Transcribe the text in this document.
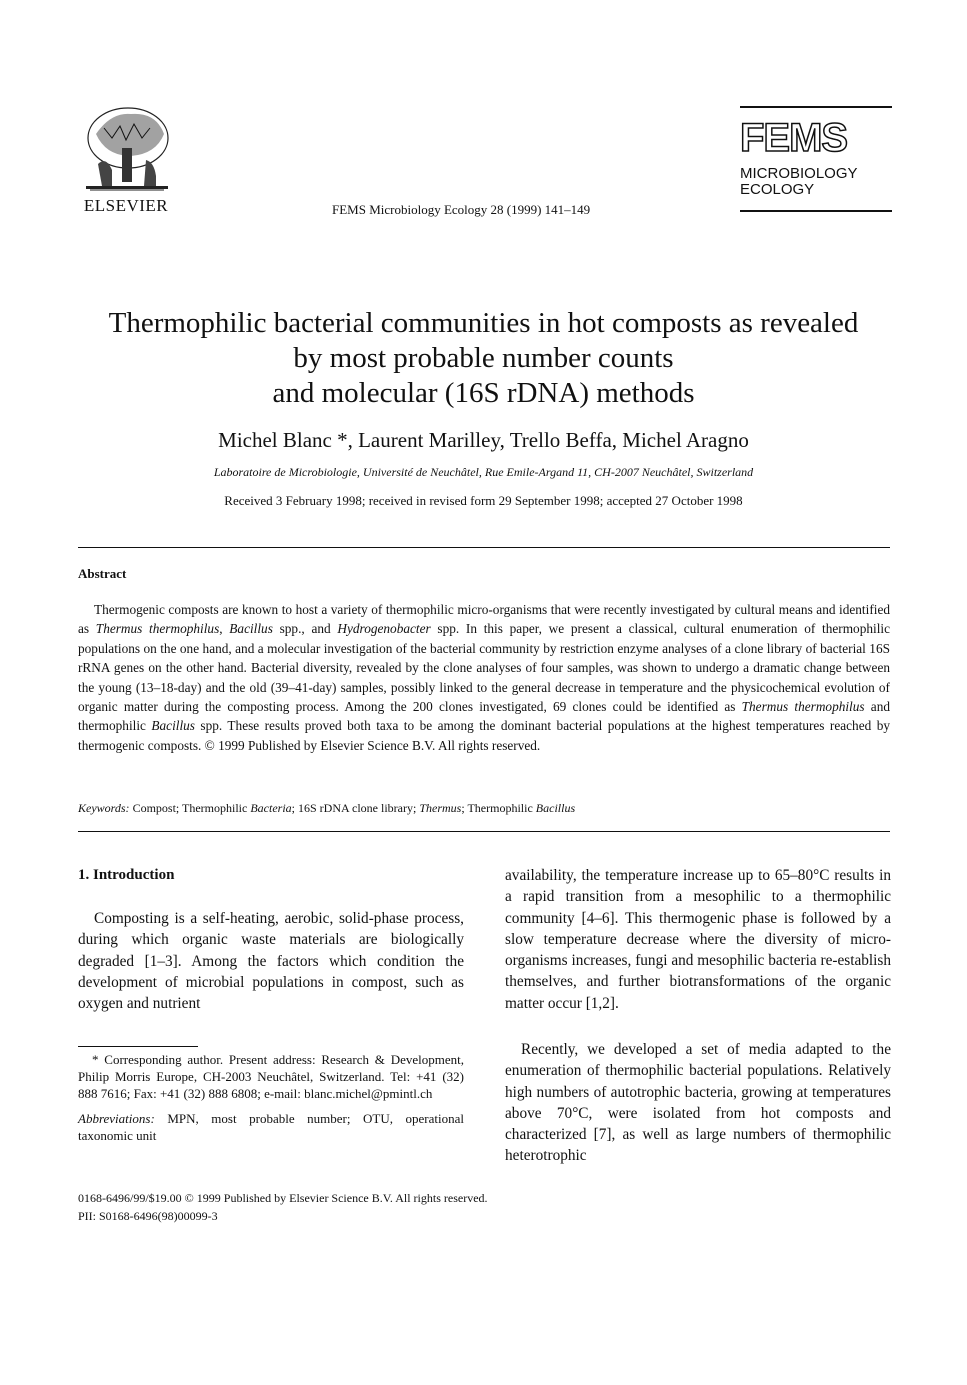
ELSEVIER	FEMS Microbiology Ecology 28 (1999) 141–149
FEMS
MICROBIOLOGY
ECOLOGY
Thermophilic bacterial communities in hot composts as revealed
by most probable number counts
and molecular (16S rDNA) methods
Michel Blanc *, Laurent Marilley, Trello Beffa, Michel Aragno
Laboratoire de Microbiologie, Université de Neuchâtel, Rue Emile-Argand 11, CH-2007 Neuchâtel, Switzerland
Received 3 February 1998; received in revised form 29 September 1998; accepted 27 October 1998
Abstract

Thermogenic composts are known to host a variety of thermophilic micro-organisms that were recently investigated by cultural means and identified as Thermus thermophilus, Bacillus spp., and Hydrogenobacter spp. In this paper, we present a classical, cultural enumeration of thermophilic populations on the one hand, and a molecular investigation of the bacterial community by restriction enzyme analyses of a clone library of bacterial 16S rRNA genes on the other hand. Bacterial diversity, revealed by the clone analyses of four samples, was shown to undergo a dramatic change between the young (13–18-day) and the old (39–41-day) samples, possibly linked to the general decrease in temperature and the physicochemical evolution of organic matter during the composting process. Among the 200 clones investigated, 69 clones could be identified as Thermus thermophilus and thermophilic Bacillus spp. These results proved both taxa to be among the dominant bacterial populations at the highest temperatures reached by thermogenic composts. © 1999 Published by Elsevier Science B.V. All rights reserved.

Keywords: Compost; Thermophilic Bacteria; 16S rDNA clone library; Thermus; Thermophilic Bacillus
1. Introduction

Composting is a self-heating, aerobic, solid-phase process, during which organic waste materials are biologically degraded [1–3]. Among the factors which condition the development of microbial populations in compost, such as oxygen and nutrient

availability, the temperature increase up to 65–80°C results in a rapid transition from a mesophilic to a thermophilic community [4–6]. This thermogenic phase is followed by a slow temperature decrease where the diversity of micro-organisms increases, fungi and mesophilic bacteria re-establish themselves, and further biotransformations of the organic matter occur [1,2].

Recently, we developed a set of media adapted to the enumeration of thermophilic bacterial populations. Relatively high numbers of autotrophic bacteria, growing at temperatures above 70°C, were isolated from hot composts and characterized [7], as well as large numbers of thermophilic heterotrophic

* Corresponding author. Present address: Research & Development, Philip Morris Europe, CH-2003 Neuchâtel, Switzerland. Tel: +41 (32) 888 7616; Fax: +41 (32) 888 6808; e-mail: blanc.michel@pmintl.ch

Abbreviations: MPN, most probable number; OTU, operational taxonomic unit

0168-6496/99/$19.00 © 1999 Published by Elsevier Science B.V. All rights reserved.
PII: S0168-6496(98)00099-3
